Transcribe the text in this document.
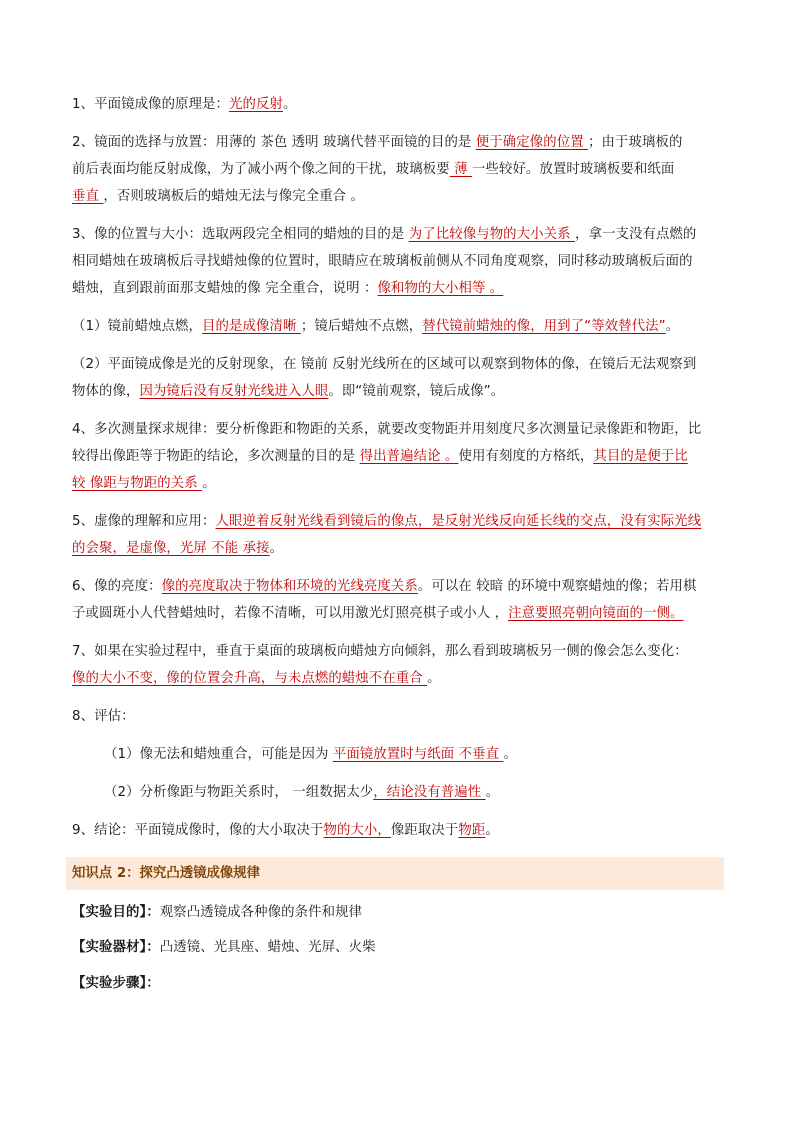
1、平面镜成像的原理是：光的反射。
2、镜面的选择与放置：用薄的 茶色 透明 玻璃代替平面镜的目的是 便于确定像的位置 ；由于玻璃板的
前后表面均能反射成像，为了减小两个像之间的干扰，玻璃板要 薄 一些较好。放置时玻璃板要和纸面
垂直 ，否则玻璃板后的蜡烛无法与像完全重合 。
3、像的位置与大小：选取两段完全相同的蜡烛的目的是 为了比较像与物的大小关系 ，拿一支没有点燃的
相同蜡烛在玻璃板后寻找蜡烛像的位置时，眼睛应在玻璃板前侧从不同角度观察，同时移动玻璃板后面的
蜡烛，直到跟前面那支蜡烛的像 完全重合，说明 ：像和物的大小相等 。
（1）镜前蜡烛点燃，目的是成像清晰 ；镜后蜡烛不点燃，替代镜前蜡烛的像，用到了“等效替代法”。
（2）平面镜成像是光的反射现象，在 镜前 反射光线所在的区域可以观察到物体的像，在镜后无法观察到
物体的像，因为镜后没有反射光线进入人眼。即“镜前观察，镜后成像”。
4、多次测量探求规律：要分析像距和物距的关系，就要改变物距并用刻度尺多次测量记录像距和物距，比
较得出像距等于物距的结论，多次测量的目的是 得出普遍结论 。使用有刻度的方格纸，其目的是便于比
较 像距与物距的关系 。
5、虚像的理解和应用：人眼逆着反射光线看到镜后的像点，是反射光线反向延长线的交点，没有实际光线
的会聚，是虚像，光屏 不能 承接。
6、像的亮度：像的亮度取决于物体和环境的光线亮度关系。可以在 较暗 的环境中观察蜡烛的像；若用棋
子或圆斑小人代替蜡烛时，若像不清晰，可以用激光灯照亮棋子或小人 ，注意要照亮朝向镜面的一侧。
7、如果在实验过程中，垂直于桌面的玻璃板向蜡烛方向倾斜，那么看到玻璃板另一侧的像会怎么变化：
像的大小不变，像的位置会升高，与未点燃的蜡烛不在重合 。
8、评估：
（1）像无法和蜡烛重合，可能是因为 平面镜放置时与纸面 不垂直 。
（2）分析像距与物距关系时， 一组数据太少，结论没有普遍性 。
9、结论：平面镜成像时，像的大小取决于物的大小，像距取决于物距。
知识点 2：探究凸透镜成像规律
【实验目的】：观察凸透镜成各种像的条件和规律
【实验器材】：凸透镜、光具座、蜡烛、光屏、火柴
【实验步骤】：
